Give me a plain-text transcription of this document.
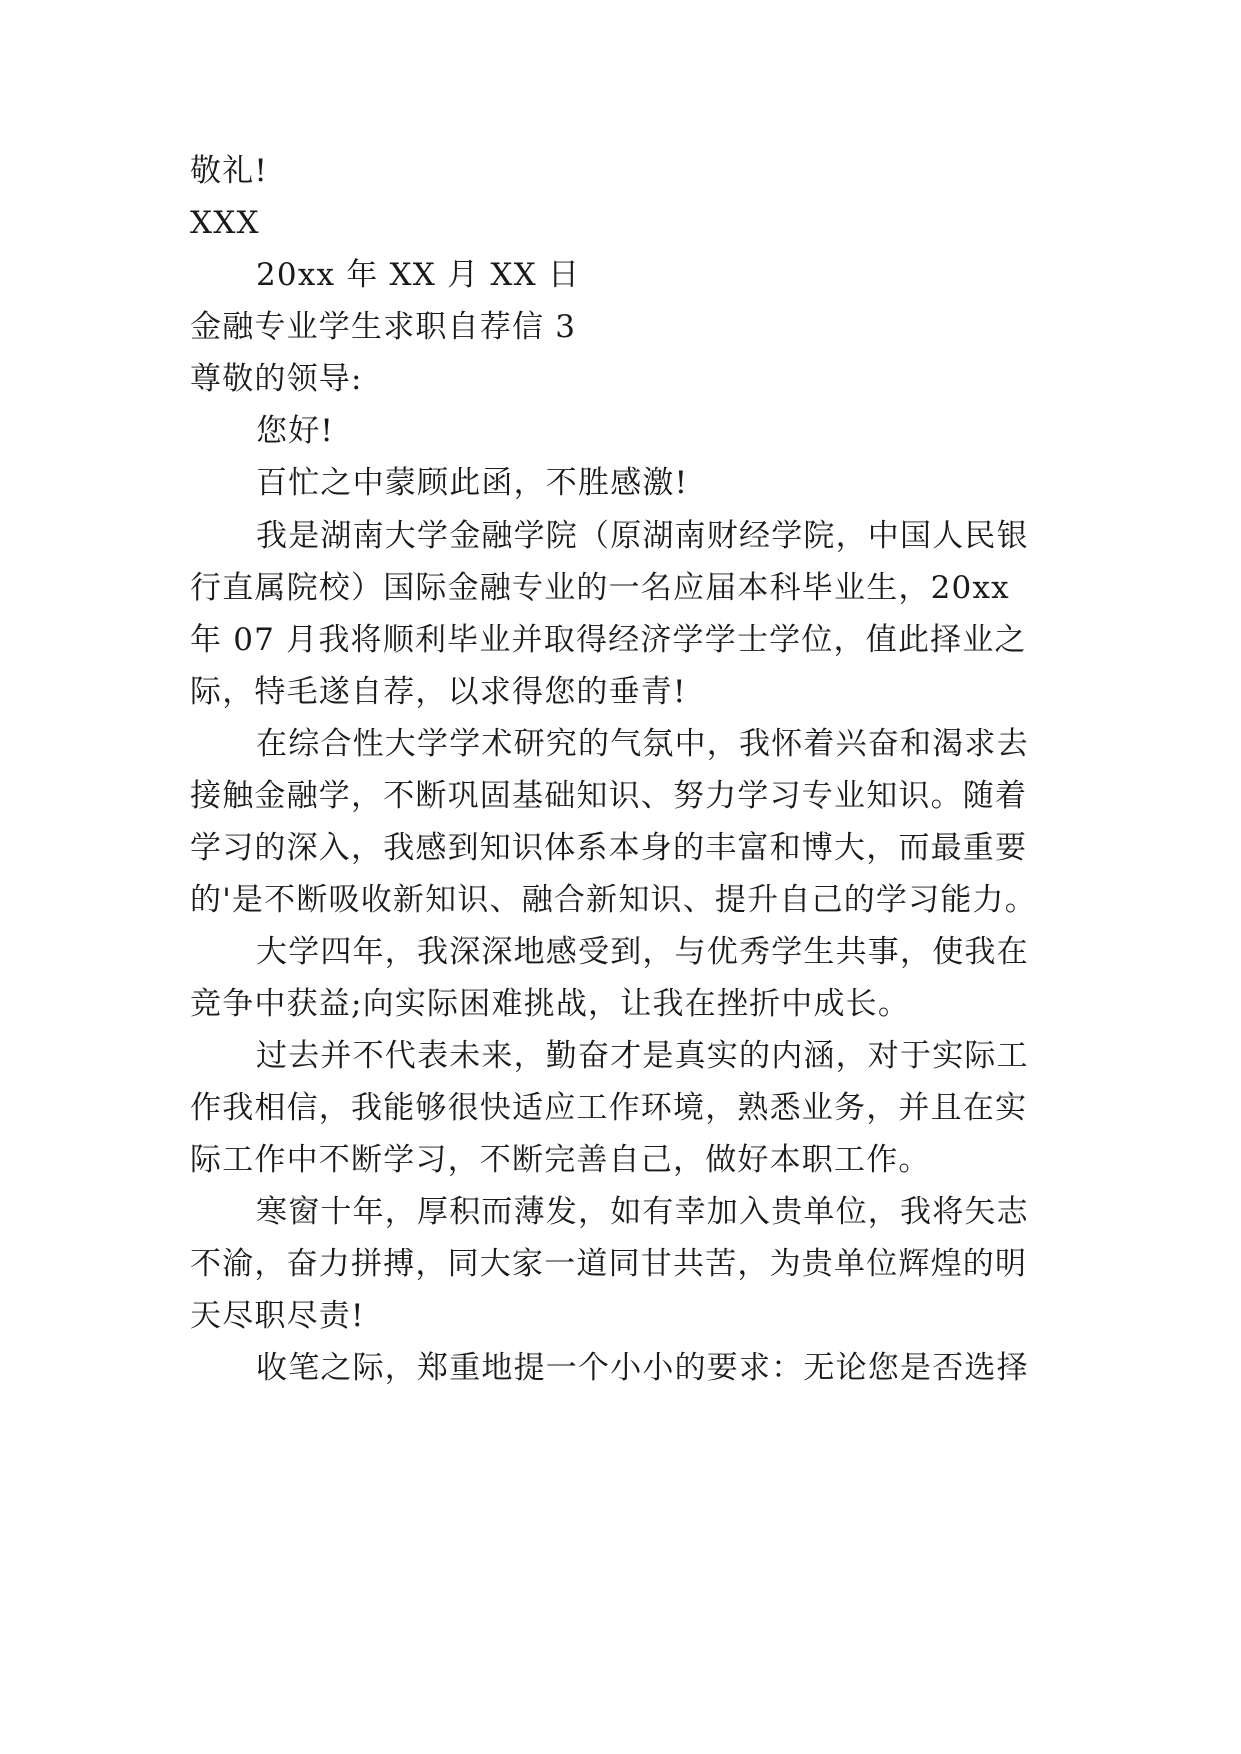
敬礼!
XXX
20xx 年 XX 月 XX 日
金融专业学生求职自荐信 3
尊敬的领导:
您好!
百忙之中蒙顾此函，不胜感激!
我是湖南大学金融学院（原湖南财经学院，中国人民银
行直属院校）国际金融专业的一名应届本科毕业生，20xx
年 07 月我将顺利毕业并取得经济学学士学位，值此择业之
际，特毛遂自荐，以求得您的垂青!
在综合性大学学术研究的气氛中，我怀着兴奋和渴求去
接触金融学，不断巩固基础知识、努力学习专业知识。随着
学习的深入，我感到知识体系本身的丰富和博大，而最重要
的'是不断吸收新知识、融合新知识、提升自己的学习能力。
大学四年，我深深地感受到，与优秀学生共事，使我在
竞争中获益;向实际困难挑战，让我在挫折中成长。
过去并不代表未来，勤奋才是真实的内涵，对于实际工
作我相信，我能够很快适应工作环境，熟悉业务，并且在实
际工作中不断学习，不断完善自己，做好本职工作。
寒窗十年，厚积而薄发，如有幸加入贵单位，我将矢志
不渝，奋力拼搏，同大家一道同甘共苦，为贵单位辉煌的明
天尽职尽责!
收笔之际，郑重地提一个小小的要求：无论您是否选择
